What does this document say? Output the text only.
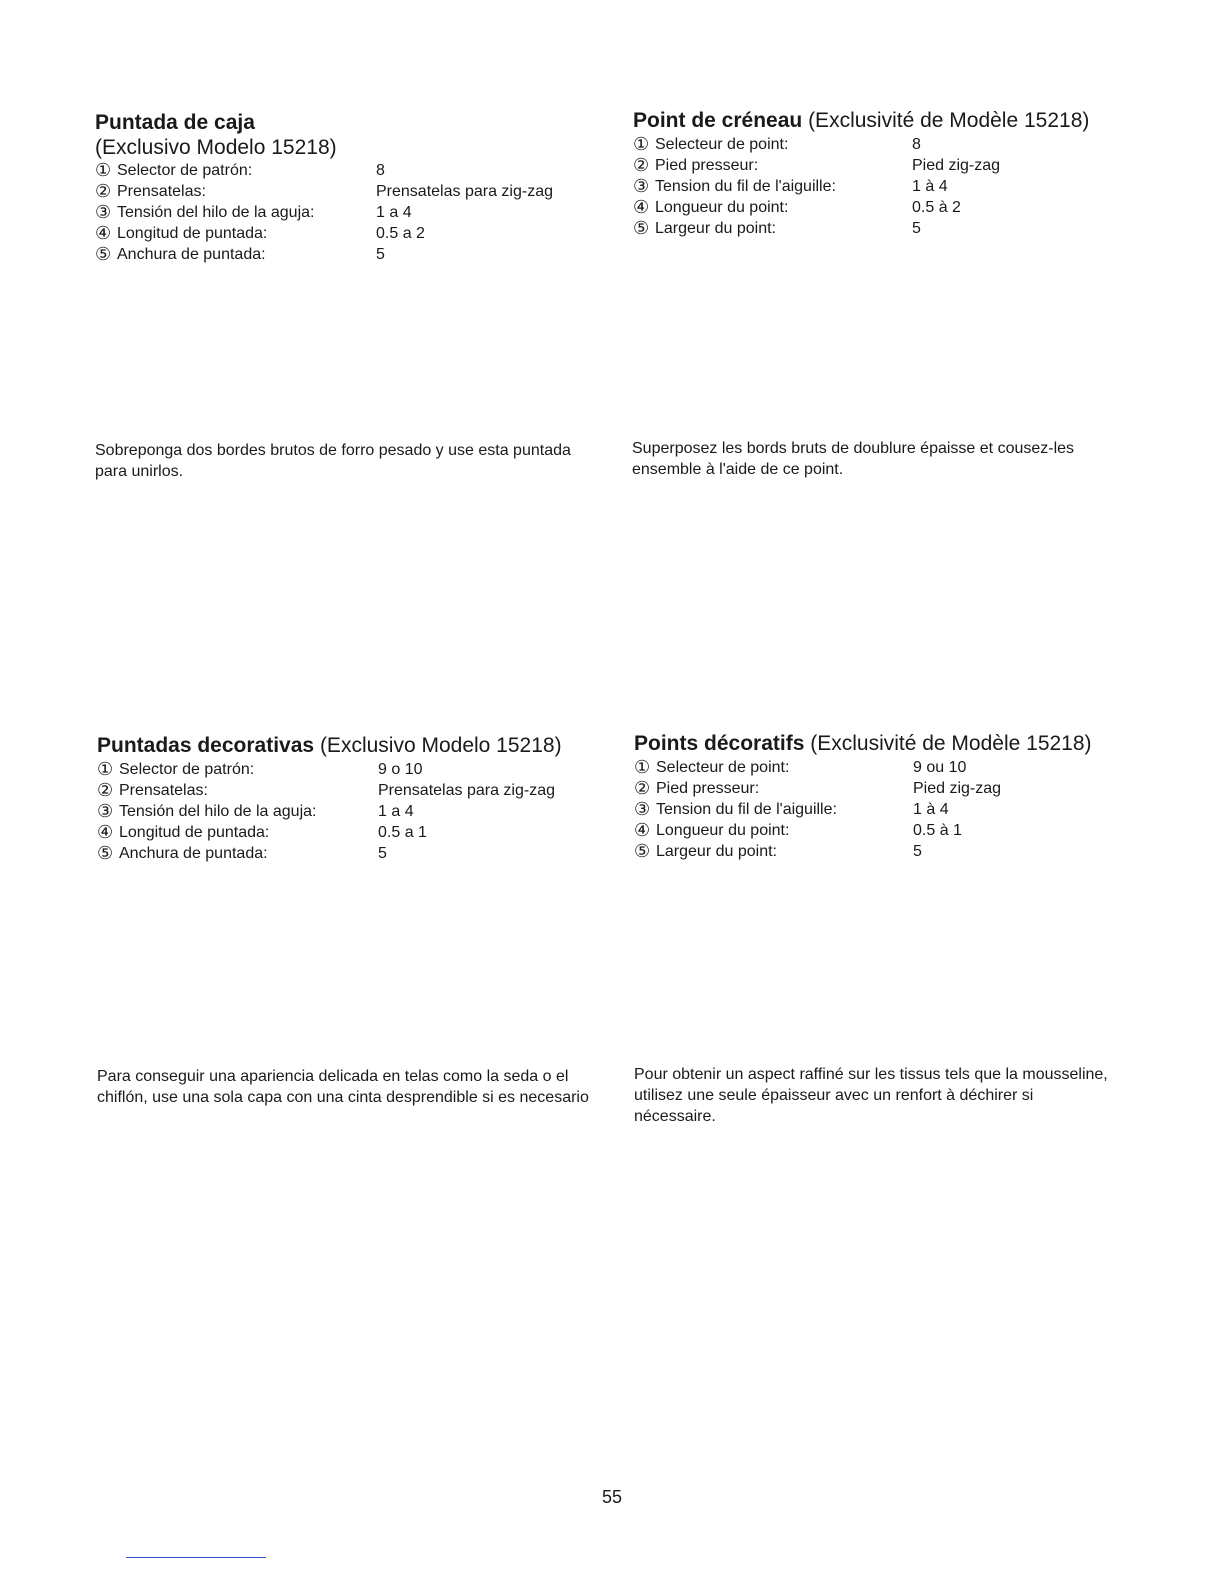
Puntada de caja
(Exclusivo Modelo 15218)
① Selector de patrón:	8
② Prensatelas:	Prensatelas para zig-zag
③ Tensión del hilo de la aguja:	1 a 4
④ Longitud de puntada:	0.5 a 2
⑤ Anchura de puntada:	5
Point de créneau (Exclusivité de Modèle 15218)
① Selecteur de point:	8
② Pied presseur:	Pied zig-zag
③ Tension du fil de l'aiguille:	1 à 4
④ Longueur du point:	0.5 à 2
⑤ Largeur du point:	5

Sobreponga dos bordes brutos de forro pesado y use esta puntada para unirlos.

Superposez les bords bruts de doublure épaisse et cousez-les ensemble à l'aide de ce point.

Puntadas decorativas (Exclusivo Modelo 15218)
① Selector de patrón:	9 o 10
② Prensatelas:	Prensatelas para zig-zag
③ Tensión del hilo de la aguja:	1 a 4
④ Longitud de puntada:	0.5 a 1
⑤ Anchura de puntada:	5
Points décoratifs (Exclusivité de Modèle 15218)
① Selecteur de point:	9 ou 10
② Pied presseur:	Pied zig-zag
③ Tension du fil de l'aiguille:	1 à 4
④ Longueur du point:	0.5 à 1
⑤ Largeur du point:	5

Para conseguir una apariencia delicada en telas como la seda o el chiflón, use una sola capa con una cinta desprendible si es necesario

Pour obtenir un aspect raffiné sur les tissus tels que la mousseline, utilisez une seule épaisseur avec un renfort à déchirer si nécessaire.

55
